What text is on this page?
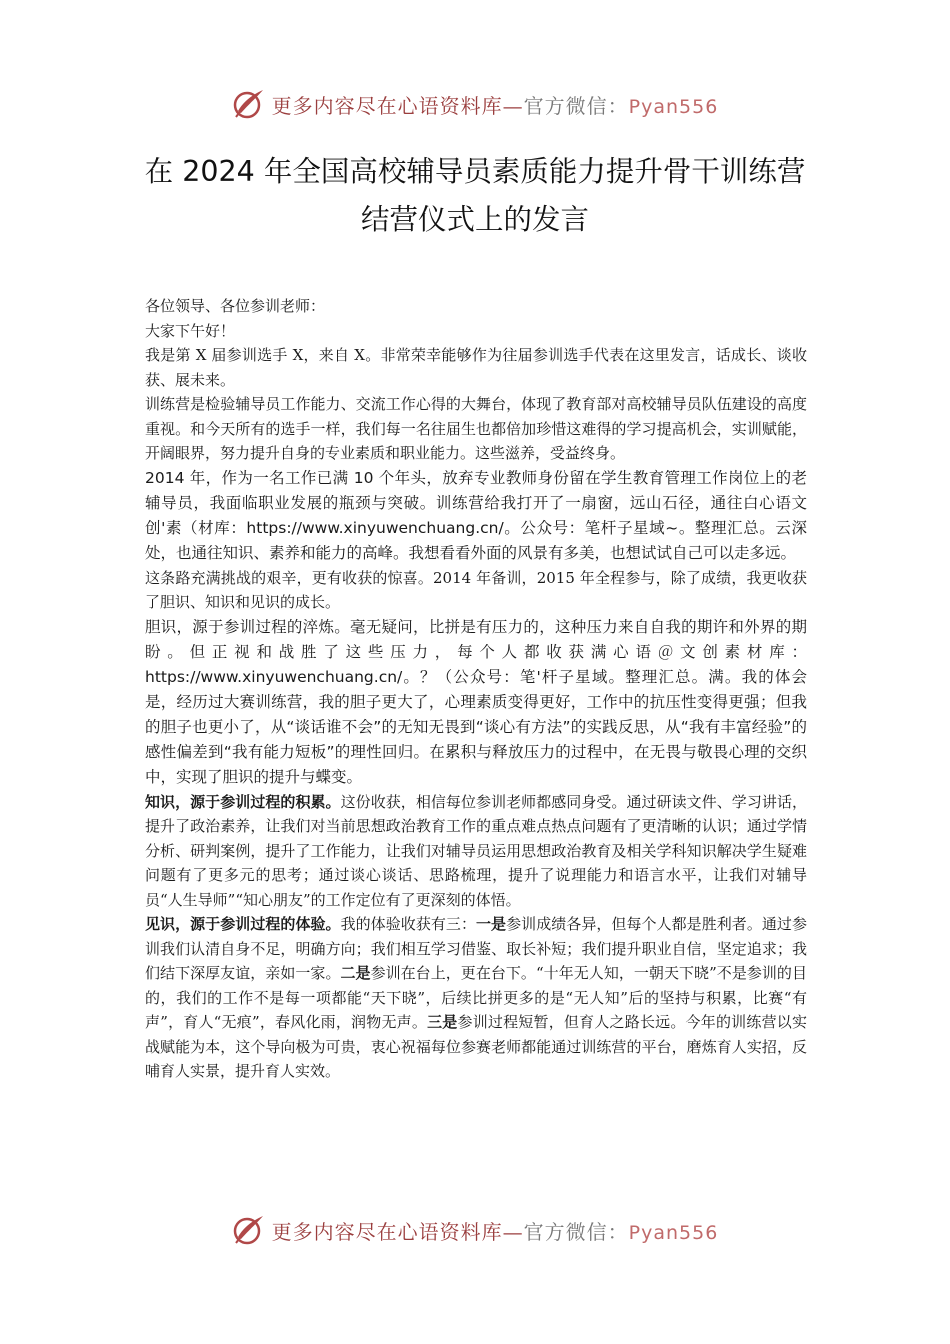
更多内容尽在心语资料库—官方微信：Pyan556
在 2024 年全国高校辅导员素质能力提升骨干训练营
结营仪式上的发言

各位领导、各位参训老师：

大家下午好！

我是第 X 届参训选手 X，来自 X。非常荣幸能够作为往届参训选手代表在这里发言，话成长、谈收获、展未来。

训练营是检验辅导员工作能力、交流工作心得的大舞台，体现了教育部对高校辅导员队伍建设的高度重视。和今天所有的选手一样，我们每一名往届生也都倍加珍惜这难得的学习提高机会，实训赋能，开阔眼界，努力提升自身的专业素质和职业能力。这些滋养，受益终身。

2014 年，作为一名工作已满 10 个年头，放弃专业教师身份留在学生教育管理工作岗位上的老辅导员，我面临职业发展的瓶颈与突破。训练营给我打开了一扇窗，远山石径，通往白心语文创'素（材库：https://www.xinyuwenchuang.cn/。公众号：笔杆子星域~。整理汇总。云深处，也通往知识、素养和能力的高峰。我想看看外面的风景有多美，也想试试自己可以走多远。

这条路充满挑战的艰辛，更有收获的惊喜。2014 年备训，2015 年全程参与，除了成绩，我更收获了胆识、知识和见识的成长。

胆识，源于参训过程的淬炼。毫无疑问，比拼是有压力的，这种压力来自自我的期许和外界的期盼。但正视和战胜了这些压力，每个人都收获满心语＠文创素材库：https://www.xinyuwenchuang.cn/。？（公众号：笔'杆子星域。整理汇总。满。我的体会是，经历过大赛训练营，我的胆子更大了，心理素质变得更好，工作中的抗压性变得更强；但我的胆子也更小了，从“谈话谁不会”的无知无畏到“谈心有方法”的实践反思，从“我有丰富经验”的感性偏差到“我有能力短板”的理性回归。在累积与释放压力的过程中，在无畏与敬畏心理的交织中，实现了胆识的提升与蝶变。

知识，源于参训过程的积累。这份收获，相信每位参训老师都感同身受。通过研读文件、学习讲话，提升了政治素养，让我们对当前思想政治教育工作的重点难点热点问题有了更清晰的认识；通过学情分析、研判案例，提升了工作能力，让我们对辅导员运用思想政治教育及相关学科知识解决学生疑难问题有了更多元的思考；通过谈心谈话、思路梳理，提升了说理能力和语言水平，让我们对辅导员“人生导师”“知心朋友”的工作定位有了更深刻的体悟。

见识，源于参训过程的体验。我的体验收获有三：一是参训成绩各异，但每个人都是胜利者。通过参训我们认清自身不足，明确方向；我们相互学习借鉴、取长补短；我们提升职业自信，坚定追求；我们结下深厚友谊，亲如一家。二是参训在台上，更在台下。“十年无人知，一朝天下晓”不是参训的目的，我们的工作不是每一项都能“天下晓”，后续比拼更多的是“无人知”后的坚持与积累，比赛“有声”，育人“无痕”，春风化雨，润物无声。三是参训过程短暂，但育人之路长远。今年的训练营以实战赋能为本，这个导向极为可贵，衷心祝福每位参赛老师都能通过训练营的平台，磨炼育人实招，反哺育人实景，提升育人实效。

更多内容尽在心语资料库—官方微信：Pyan556
